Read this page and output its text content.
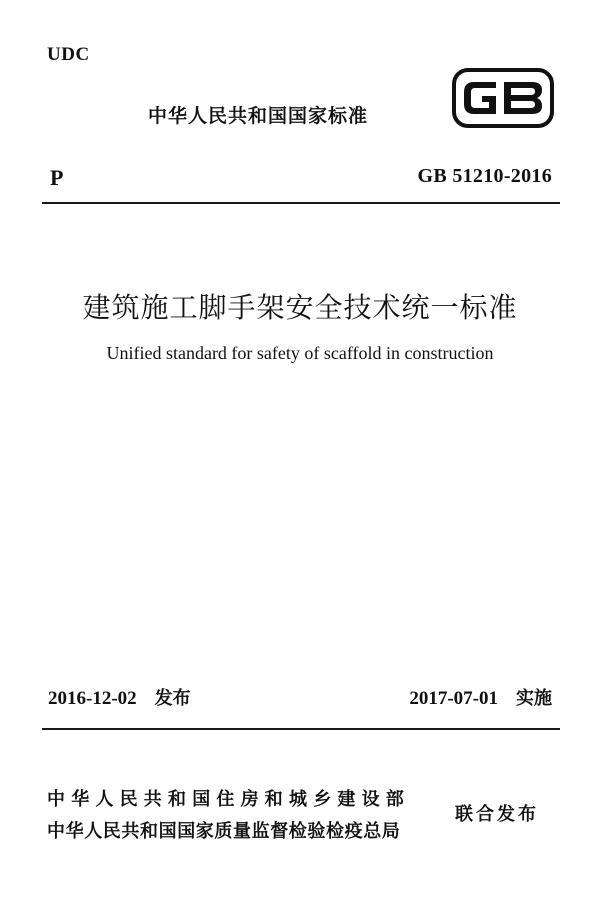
UDC
中华人民共和国国家标准
P	GB 51210-2016
建筑施工脚手架安全技术统一标准
Unified standard for safety of scaffold in construction
2016-12-02 发布	2017-07-01 实施
中华人民共和国住房和城乡建设部
中华人民共和国国家质量监督检验检疫总局
联合发布
